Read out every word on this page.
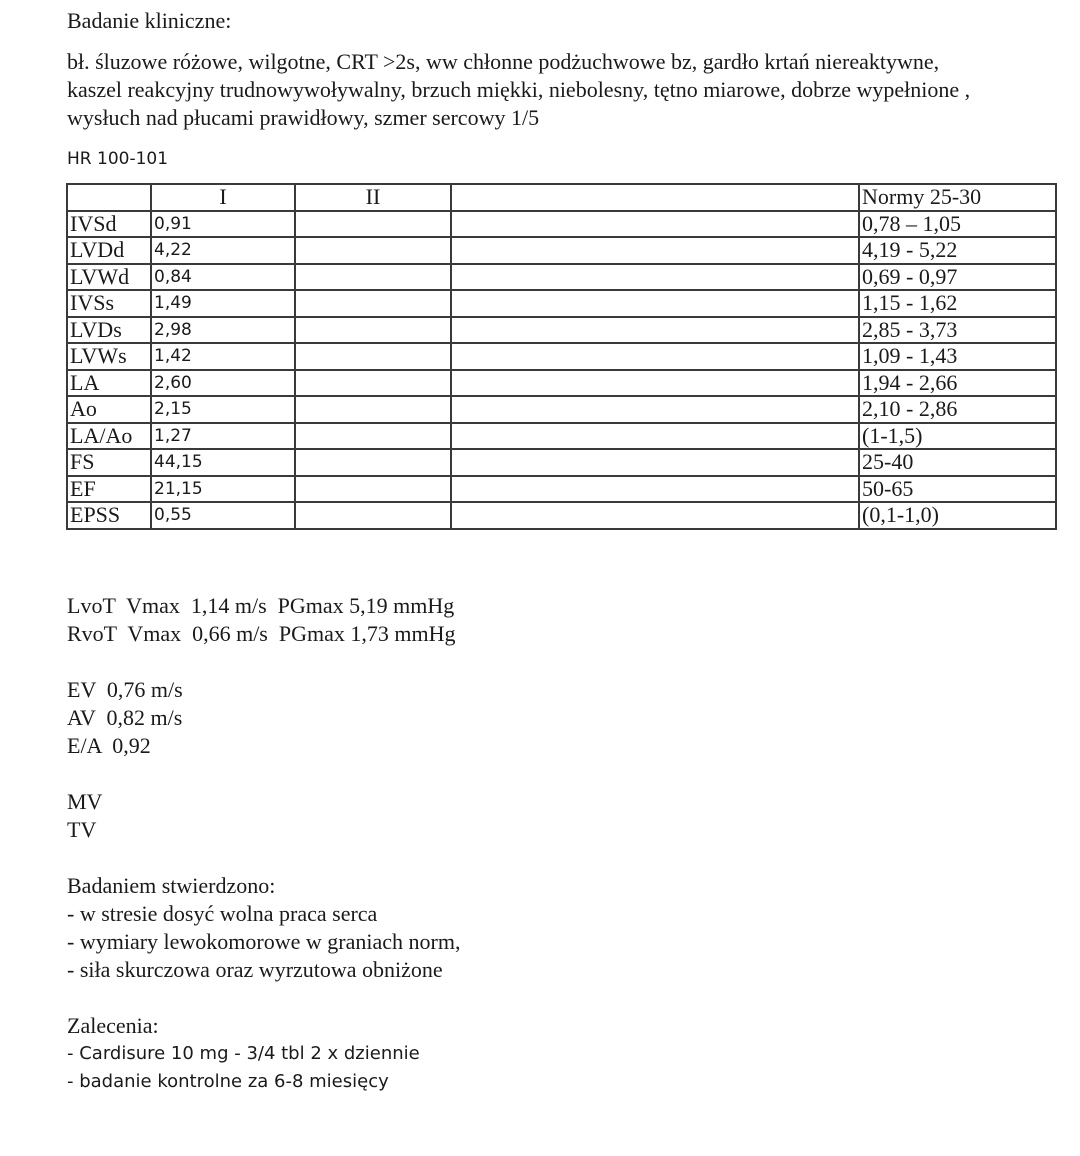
Badanie kliniczne:
bł. śluzowe różowe, wilgotne, CRT >2s, ww chłonne podżuchwowe bz, gardło krtań niereaktywne,
kaszel reakcyjny trudnowywoływalny, brzuch miękki, niebolesny, tętno miarowe, dobrze wypełnione ,
wysłuch nad płucami prawidłowy, szmer sercowy 1/5
HR 100-101
	I	II		Normy 25-30
IVSd	0,91			0,78 – 1,05
LVDd	4,22			4,19 - 5,22
LVWd	0,84			0,69 - 0,97
IVSs	1,49			1,15 - 1,62
LVDs	2,98			2,85 - 3,73
LVWs	1,42			1,09 - 1,43
LA	2,60			1,94 - 2,66
Ao	2,15			2,10 - 2,86
LA/Ao	1,27			(1-1,5)
FS	44,15			25-40
EF	21,15			50-65
EPSS	0,55			(0,1-1,0)
LvoT  Vmax  1,14 m/s  PGmax 5,19 mmHg
RvoT  Vmax  0,66 m/s  PGmax 1,73 mmHg
EV  0,76 m/s
AV  0,82 m/s
E/A  0,92
MV
TV
Badaniem stwierdzono:
- w stresie dosyć wolna praca serca
- wymiary lewokomorowe w graniach norm,
- siła skurczowa oraz wyrzutowa obniżone
Zalecenia:
- Cardisure 10 mg - 3/4 tbl 2 x dziennie
- badanie kontrolne za 6-8 miesięcy
